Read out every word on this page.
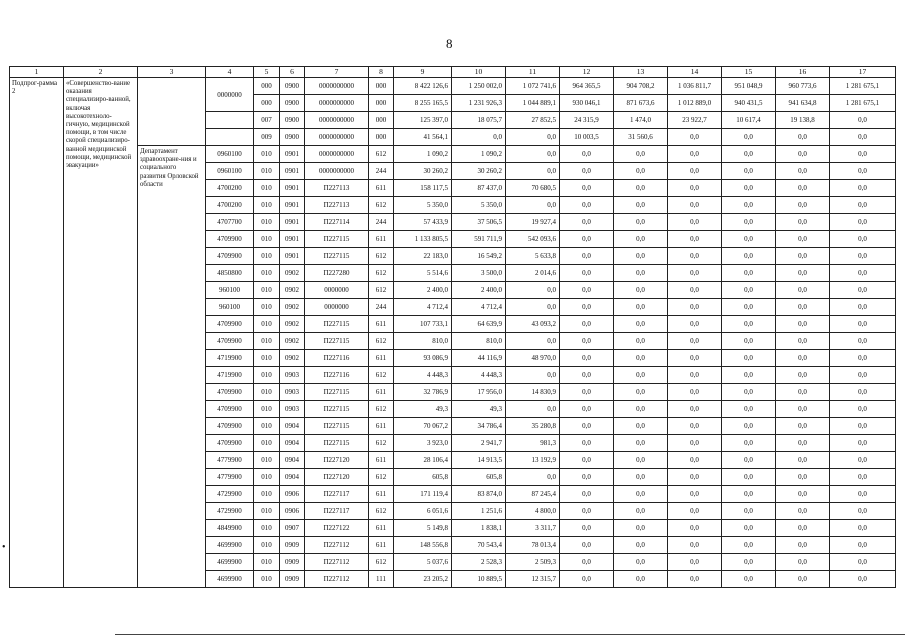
8
1	2	3	4	5	6	7	8	9	10	11	12	13	14	15	16	17
Подпрог-рамма 2	«Совершенство-вание оказания специализиро-ванной, включая высокотехноло-гичную, медицинской помощи, в том числе скорой специализиро-ванной медицинской помощи, медицинской эвакуации»		0000000	000	0900	0000000000	000	8 422 126,6	1 250 002,0	1 072 741,6	964 365,5	904 708,2	1 036 811,7	951 048,9	960 773,6	1 281 675,1
				000	0900	0000000000	000	8 255 165,5	1 231 926,3	1 044 889,1	930 046,1	871 673,6	1 012 889,0	940 431,5	941 634,8	1 281 675,1
				007	0900	0000000000	000	125 397,0	18 075,7	27 852,5	24 315,9	1 474,0	23 922,7	10 617,4	19 138,8	0,0
				009	0900	0000000000	000	41 564,1	0,0	0,0	10 003,5	31 560,6	0,0	0,0	0,0	0,0
		Департамент здравоохране-ния и социального развития Орловской области	0960100	010	0901	0000000000	612	1 090,2	1 090,2	0,0	0,0	0,0	0,0	0,0	0,0	0,0
			0960100	010	0901	0000000000	244	30 260,2	30 260,2	0,0	0,0	0,0	0,0	0,0	0,0	0,0
			4700200	010	0901	П227113	611	158 117,5	87 437,0	70 680,5	0,0	0,0	0,0	0,0	0,0	0,0
			4700200	010	0901	П227113	612	5 350,0	5 350,0	0,0	0,0	0,0	0,0	0,0	0,0	0,0
			4707700	010	0901	П227114	244	57 433,9	37 506,5	19 927,4	0,0	0,0	0,0	0,0	0,0	0,0
			4709900	010	0901	П227115	611	1 133 805,5	591 711,9	542 093,6	0,0	0,0	0,0	0,0	0,0	0,0
			4709900	010	0901	П227115	612	22 183,0	16 549,2	5 633,8	0,0	0,0	0,0	0,0	0,0	0,0
			4850800	010	0902	П227280	612	5 514,6	3 500,0	2 014,6	0,0	0,0	0,0	0,0	0,0	0,0
			960100	010	0902	0000000	612	2 400,0	2 400,0	0,0	0,0	0,0	0,0	0,0	0,0	0,0
			960100	010	0902	0000000	244	4 712,4	4 712,4	0,0	0,0	0,0	0,0	0,0	0,0	0,0
			4709900	010	0902	П227115	611	107 733,1	64 639,9	43 093,2	0,0	0,0	0,0	0,0	0,0	0,0
			4709900	010	0902	П227115	612	810,0	810,0	0,0	0,0	0,0	0,0	0,0	0,0	0,0
			4719900	010	0902	П227116	611	93 086,9	44 116,9	48 970,0	0,0	0,0	0,0	0,0	0,0	0,0
			4719900	010	0903	П227116	612	4 448,3	4 448,3	0,0	0,0	0,0	0,0	0,0	0,0	0,0
			4709900	010	0903	П227115	611	32 786,9	17 956,0	14 830,9	0,0	0,0	0,0	0,0	0,0	0,0
			4709900	010	0903	П227115	612	49,3	49,3	0,0	0,0	0,0	0,0	0,0	0,0	0,0
			4709900	010	0904	П227115	611	70 067,2	34 786,4	35 280,8	0,0	0,0	0,0	0,0	0,0	0,0
			4709900	010	0904	П227115	612	3 923,0	2 941,7	981,3	0,0	0,0	0,0	0,0	0,0	0,0
			4779900	010	0904	П227120	611	28 106,4	14 913,5	13 192,9	0,0	0,0	0,0	0,0	0,0	0,0
			4779900	010	0904	П227120	612	605,8	605,8	0,0	0,0	0,0	0,0	0,0	0,0	0,0
			4729900	010	0906	П227117	611	171 119,4	83 874,0	87 245,4	0,0	0,0	0,0	0,0	0,0	0,0
			4729900	010	0906	П227117	612	6 051,6	1 251,6	4 800,0	0,0	0,0	0,0	0,0	0,0	0,0
			4849900	010	0907	П227122	611	5 149,8	1 838,1	3 311,7	0,0	0,0	0,0	0,0	0,0	0,0
			4699900	010	0909	П227112	611	148 556,8	70 543,4	78 013,4	0,0	0,0	0,0	0,0	0,0	0,0
			4699900	010	0909	П227112	612	5 037,6	2 528,3	2 509,3	0,0	0,0	0,0	0,0	0,0	0,0
			4699900	010	0909	П227112	111	23 205,2	10 889,5	12 315,7	0,0	0,0	0,0	0,0	0,0	0,0
•
